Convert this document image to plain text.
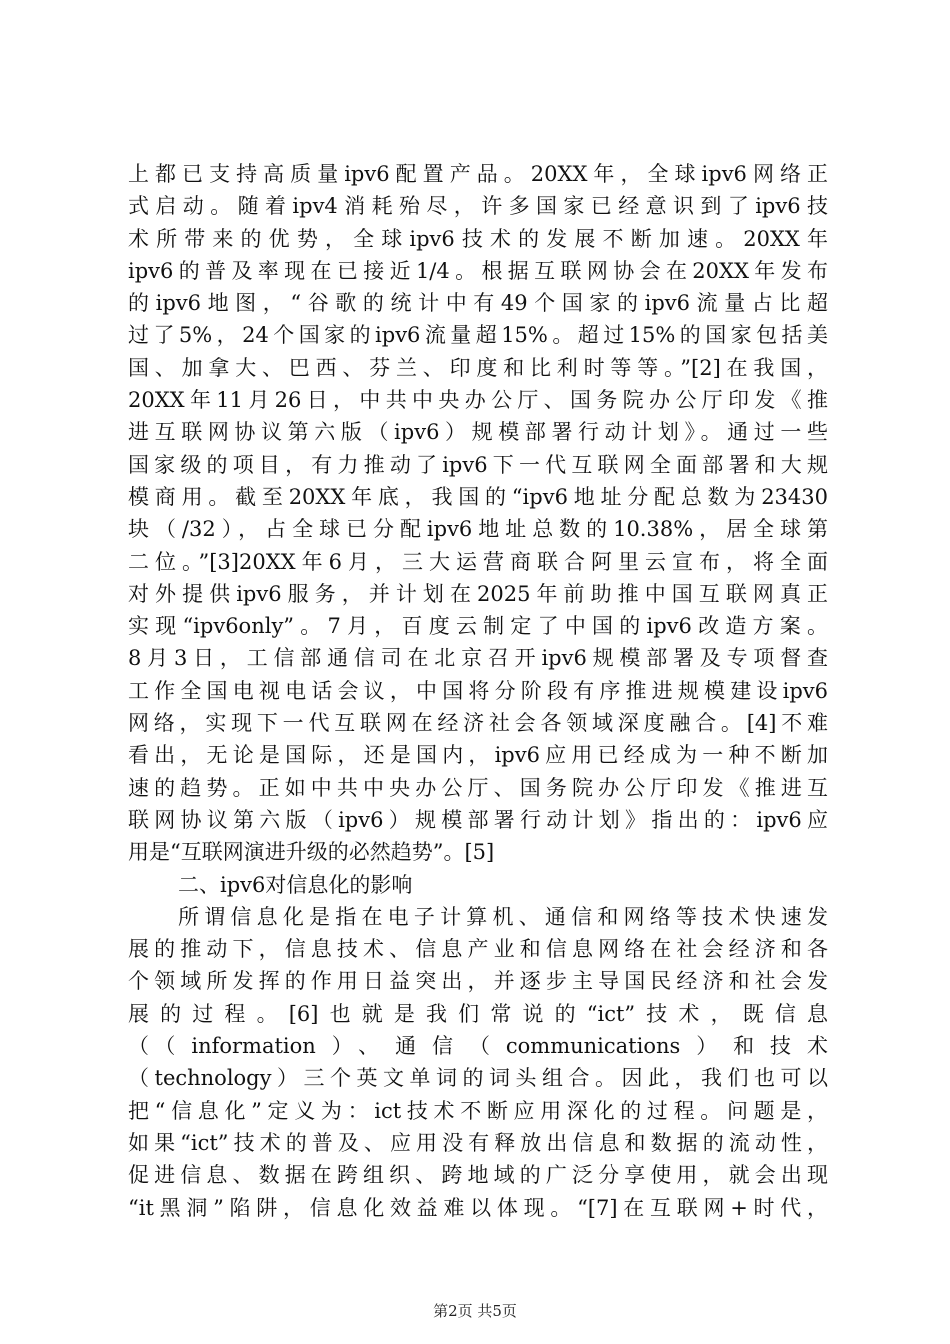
上都已支持高质量ipv6配置产品。20XX年，全球ipv6网络正
式启动。随着ipv4消耗殆尽，许多国家已经意识到了ipv6技
术所带来的优势，全球ipv6技术的发展不断加速。20XX年
ipv6的普及率现在已接近1/4。根据互联网协会在20XX年发布
的ipv6地图，“谷歌的统计中有49个国家的ipv6流量占比超
过了5%，24个国家的ipv6流量超15%。超过15%的国家包括美
国、加拿大、巴西、芬兰、印度和比利时等等。”[2]在我国，
20XX年11月26日，中共中央办公厅、国务院办公厅印发《推
进互联网协议第六版（ipv6）规模部署行动计划》。通过一些
国家级的项目，有力推动了ipv6下一代互联网全面部署和大规
模商用。截至20XX年底，我国的“ipv6地址分配总数为23430
块（/32），占全球已分配ipv6地址总数的10.38%，居全球第
二位。”[3]20XX年6月，三大运营商联合阿里云宣布，将全面
对外提供ipv6服务，并计划在2025年前助推中国互联网真正
实现“ipv6only”。7月，百度云制定了中国的ipv6改造方案。
8月3日，工信部通信司在北京召开ipv6规模部署及专项督查
工作全国电视电话会议，中国将分阶段有序推进规模建设ipv6
网络，实现下一代互联网在经济社会各领域深度融合。[4]不难
看出，无论是国际，还是国内，ipv6应用已经成为一种不断加
速的趋势。正如中共中央办公厅、国务院办公厅印发《推进互
联网协议第六版（ipv6）规模部署行动计划》指出的：ipv6应
用是“互联网演进升级的必然趋势”。[5]
二、ipv6对信息化的影响
所谓信息化是指在电子计算机、通信和网络等技术快速发
展的推动下，信息技术、信息产业和信息网络在社会经济和各
个领域所发挥的作用日益突出，并逐步主导国民经济和社会发
展的过程。[6]也就是我们常说的“ict”技术，既信息
（（information）、通信（communications）和技术
（technology）三个英文单词的词头组合。因此，我们也可以
把“信息化”定义为：ict技术不断应用深化的过程。问题是，
如果“ict”技术的普及、应用没有释放出信息和数据的流动性，
促进信息、数据在跨组织、跨地域的广泛分享使用，就会出现
“it黑洞”陷阱，信息化效益难以体现。“[7]在互联网+时代，
第2页 共5页
